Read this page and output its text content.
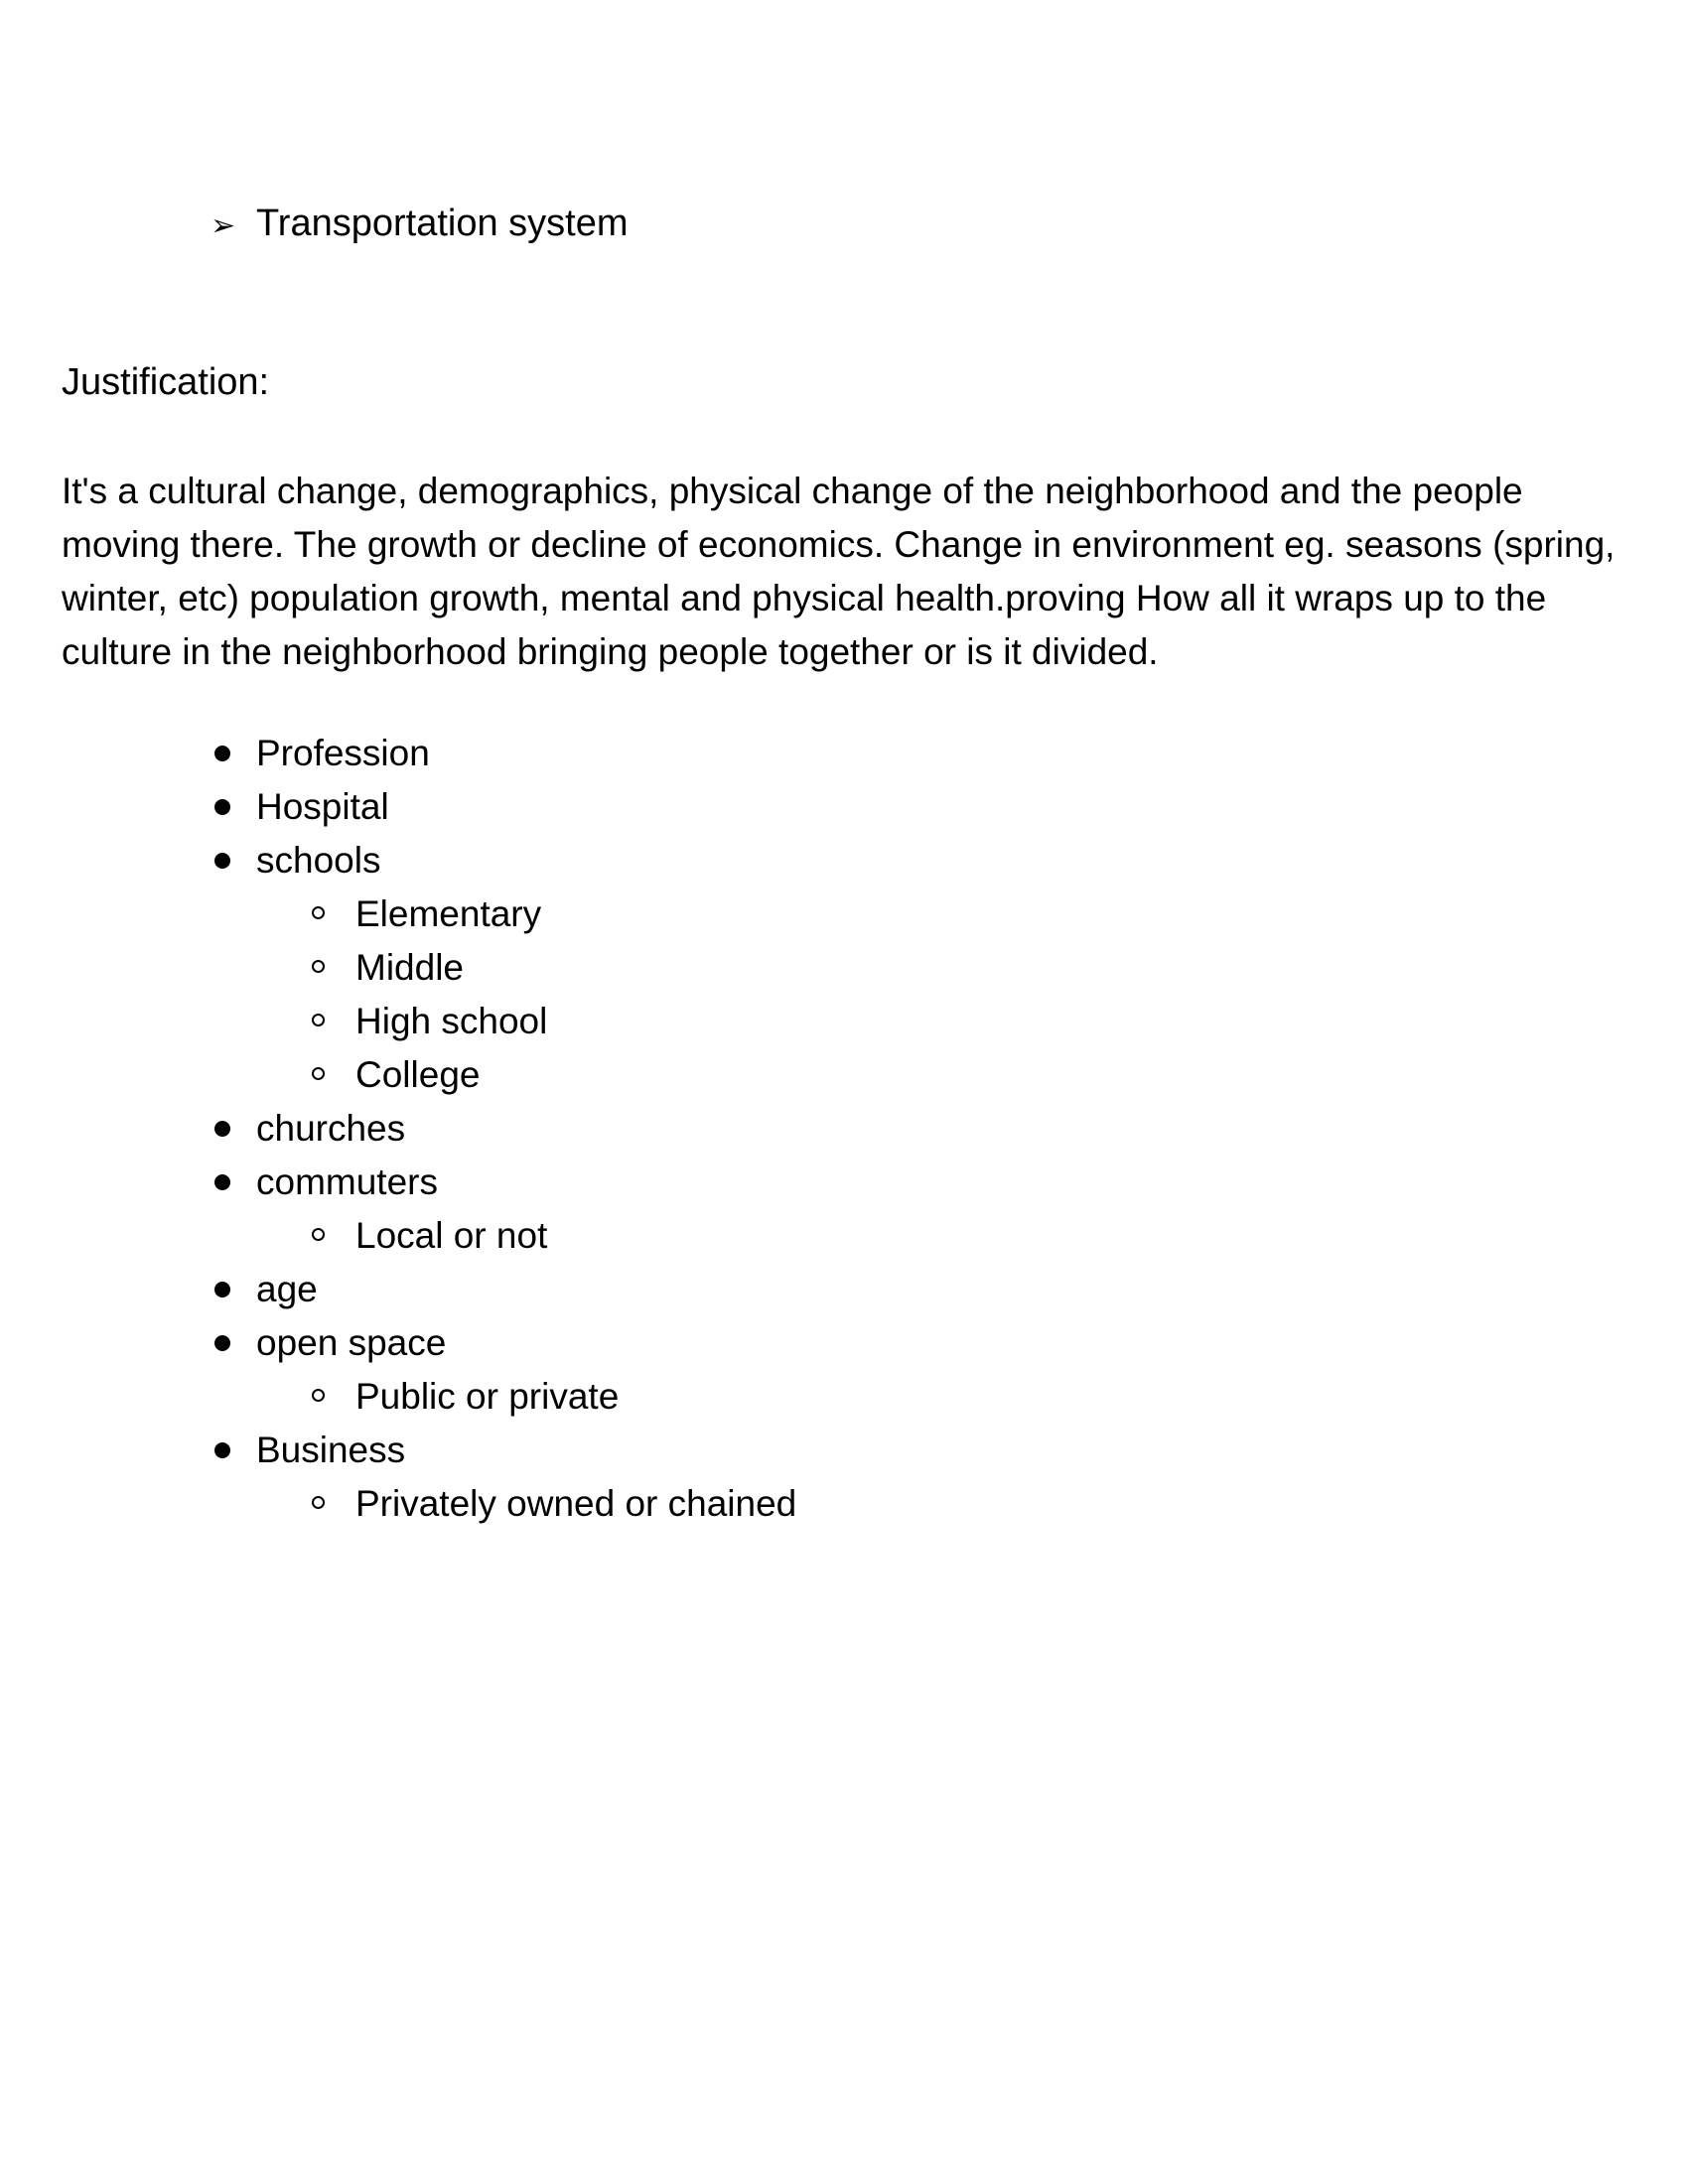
➢ Transportation system
Justification:

It's a cultural change, demographics, physical change of the neighborhood and the people moving there. The growth or decline of economics. Change in environment eg. seasons (spring, winter, etc) population growth, mental and physical health.proving How all it wraps up to the culture in the neighborhood bringing people together or is it divided.

Profession
Hospital
schools
Elementary
Middle
High school
College
churches
commuters
Local or not
age
open space
Public or private
Business
Privately owned or chained
